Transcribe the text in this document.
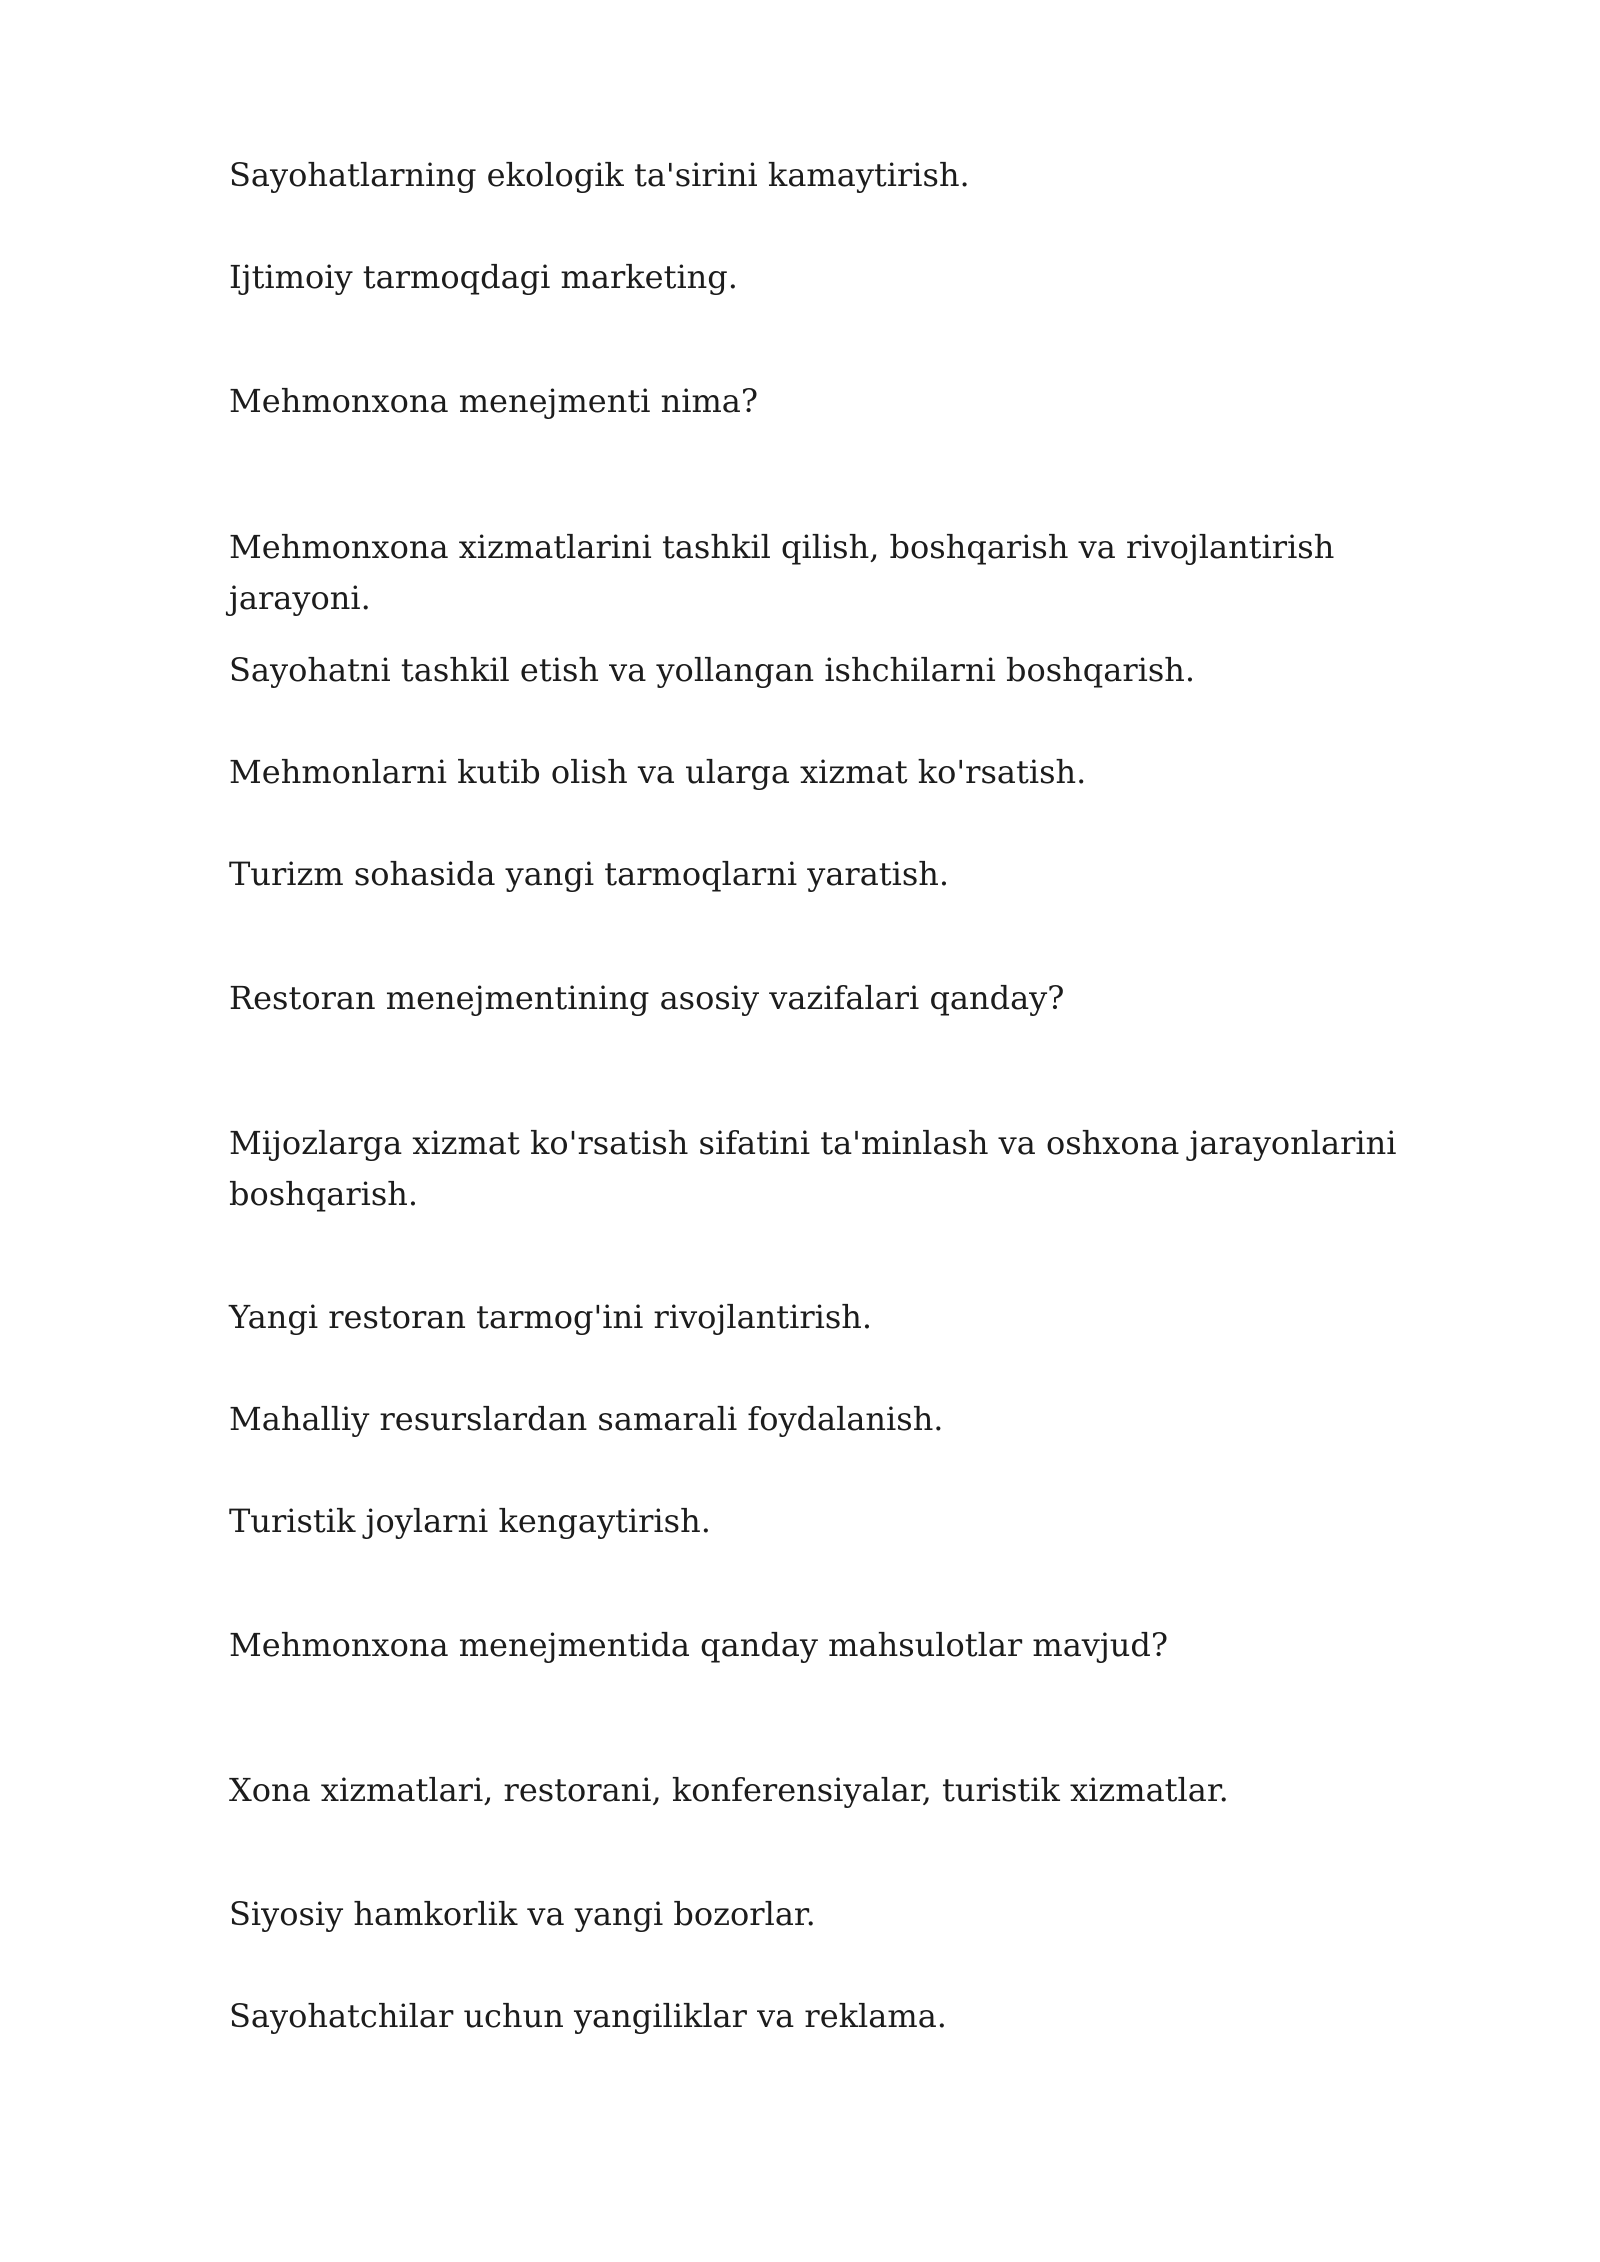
Sayohatlarning ekologik ta'sirini kamaytirish.

Ijtimoiy tarmoqdagi marketing.

Mehmonxona menejmenti nima?

Mehmonxona xizmatlarini tashkil qilish, boshqarish va rivojlantirish jarayoni.

Sayohatni tashkil etish va yollangan ishchilarni boshqarish.

Mehmonlarni kutib olish va ularga xizmat ko'rsatish.

Turizm sohasida yangi tarmoqlarni yaratish.

Restoran menejmentining asosiy vazifalari qanday?

Mijozlarga xizmat ko'rsatish sifatini ta'minlash va oshxona jarayonlarini boshqarish.

Yangi restoran tarmog'ini rivojlantirish.

Mahalliy resurslardan samarali foydalanish.

Turistik joylarni kengaytirish.

Mehmonxona menejmentida qanday mahsulotlar mavjud?

Xona xizmatlari, restorani, konferensiyalar, turistik xizmatlar.

Siyosiy hamkorlik va yangi bozorlar.

Sayohatchilar uchun yangiliklar va reklama.
